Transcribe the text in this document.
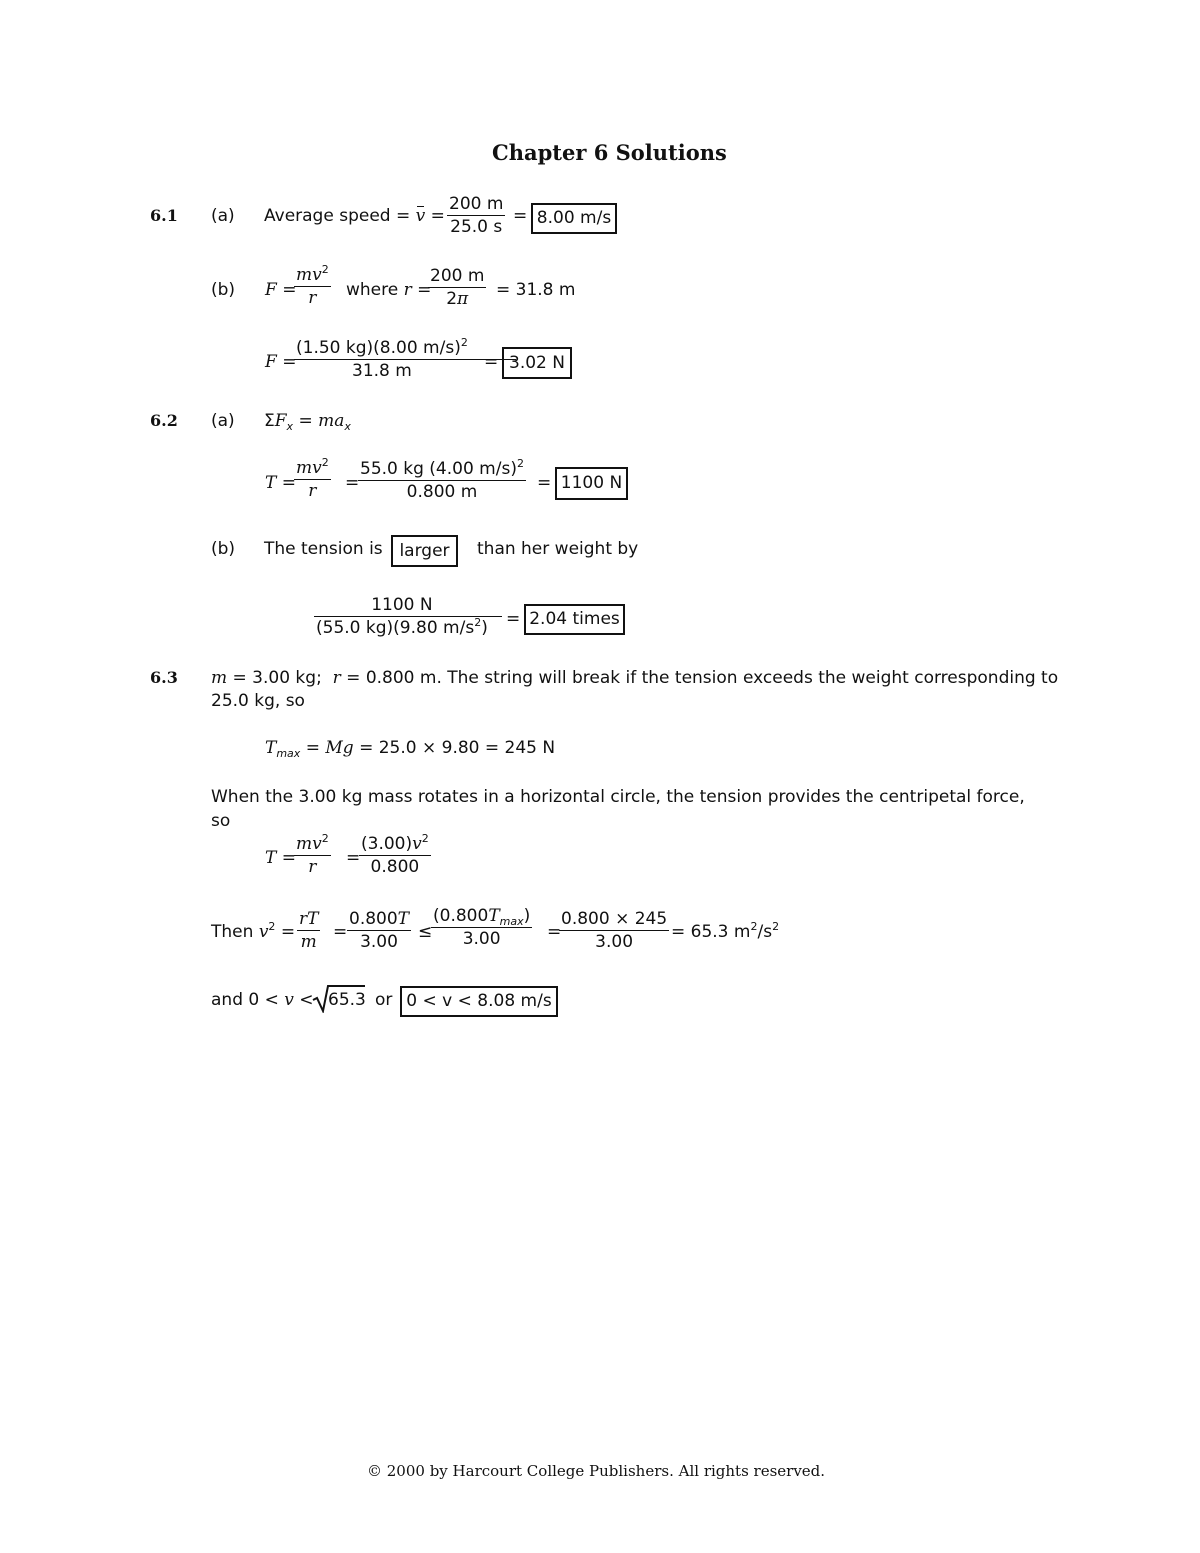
Chapter 6 Solutions
6.1 (a) Average speed = v =
200 m
25.0 s
= 8.00 m/s
(b) F =
$mv^2$
r where r =
200 m
2π = 31.8 m
F =
(1.50 kg)(8.00 m/s)$^2$
31.8 m	= 3.02 N
6.2 (a) $\Sigma F_x = ma_x$
T =
$mv^2$
r =
55.0 kg (4.00 m/s)$^2$
0.800 m	= 1100 N
(b) The tension is larger	than her weight by
1100 N
(55.0 kg)(9.80 $m/s^2) = 2.04$ times
6.3 m = 3.00 kg; r = 0.800 m. The string will break if the tension exceeds the weight corresponding to
25.0 kg, so
$T_{max} = Mg = 25.0 \times 9.80 = 245$ N
When the 3.00 kg mass rotates in a horizontal circle, the tension provides the centripetal force,
so
T =
$mv^2$
r =
$(3.00)v^2$
0.800
Then $v^2$ =
rT
m =
0.800T
3.00 ≤
$(0.800T_{max})$
3.00	=
0.800 × 245
3.00 = 65.3 $m^2/s^2$
and 0 < v < 65.3 or 0 < v < 8.08 m/s
© 2000 by Harcourt College Publishers. All rights reserved.
